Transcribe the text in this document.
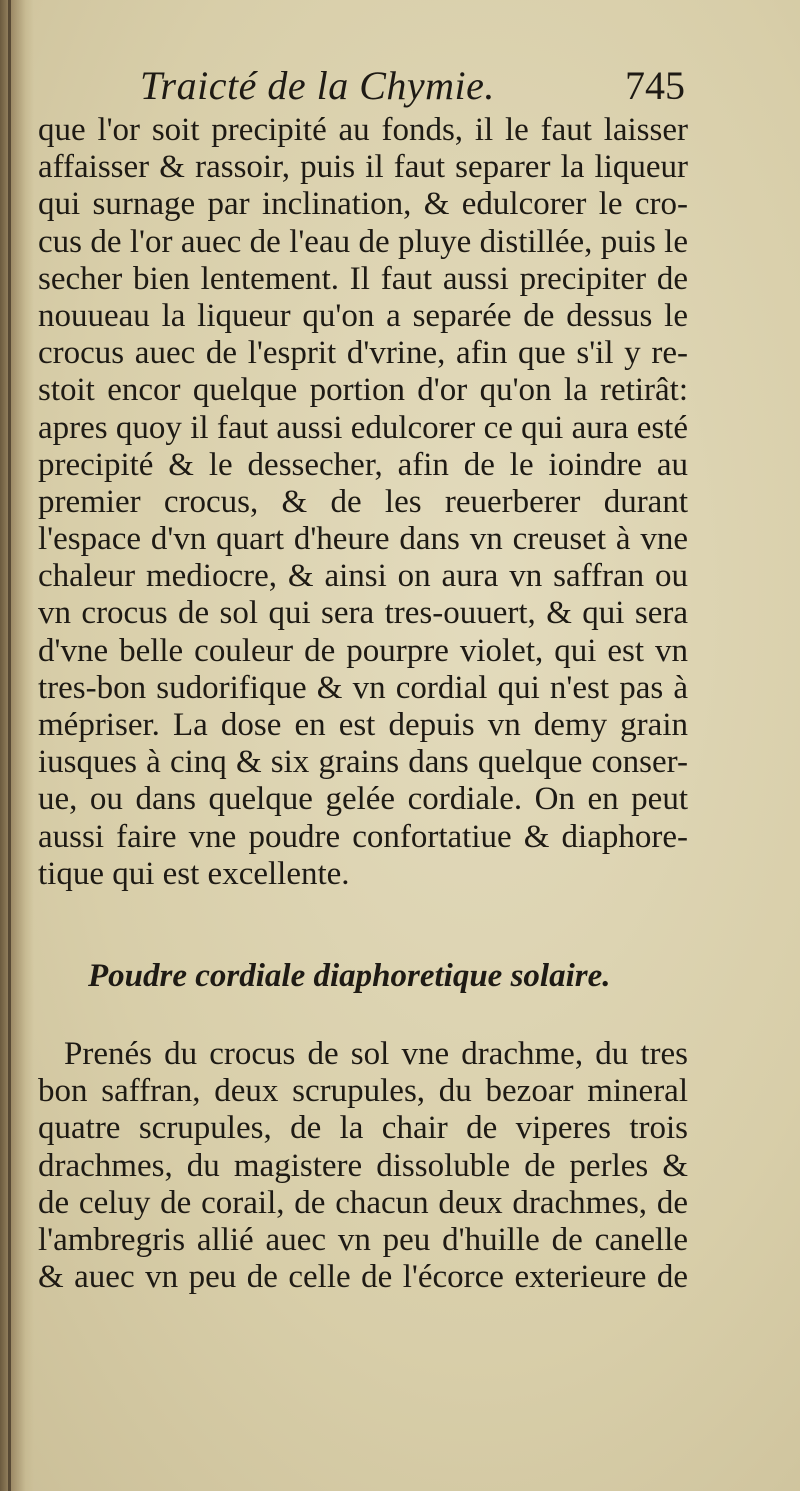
Traicté de la Chymie.	745
que l'or soit precipité au fonds, il le faut laisser
affaisser & rassoir, puis il faut separer la liqueur
qui surnage par inclination, & edulcorer le cro-
cus de l'or auec de l'eau de pluye distillée, puis le
secher bien lentement. Il faut aussi precipiter de
nouueau la liqueur qu'on a separée de dessus le
crocus auec de l'esprit d'vrine, afin que s'il y re-
stoit encor quelque portion d'or qu'on la retirât:
apres quoy il faut aussi edulcorer ce qui aura esté
precipité & le dessecher, afin de le ioindre au
premier crocus, & de les reuerberer durant
l'espace d'vn quart d'heure dans vn creuset à vne
chaleur mediocre, & ainsi on aura vn saffran ou
vn crocus de sol qui sera tres-ouuert, & qui sera
d'vne belle couleur de pourpre violet, qui est vn
tres-bon sudorifique & vn cordial qui n'est pas à
mépriser. La dose en est depuis vn demy grain
iusques à cinq & six grains dans quelque conser-
ue, ou dans quelque gelée cordiale. On en peut
aussi faire vne poudre confortatiue & diaphore-
tique qui est excellente.
Poudre cordiale diaphoretique solaire.
Prenés du crocus de sol vne drachme, du tres
bon saffran, deux scrupules, du bezoar mineral
quatre scrupules, de la chair de viperes trois
drachmes, du magistere dissoluble de perles &
de celuy de corail, de chacun deux drachmes, de
l'ambregris allié auec vn peu d'huille de canelle
& auec vn peu de celle de l'écorce exterieure de
